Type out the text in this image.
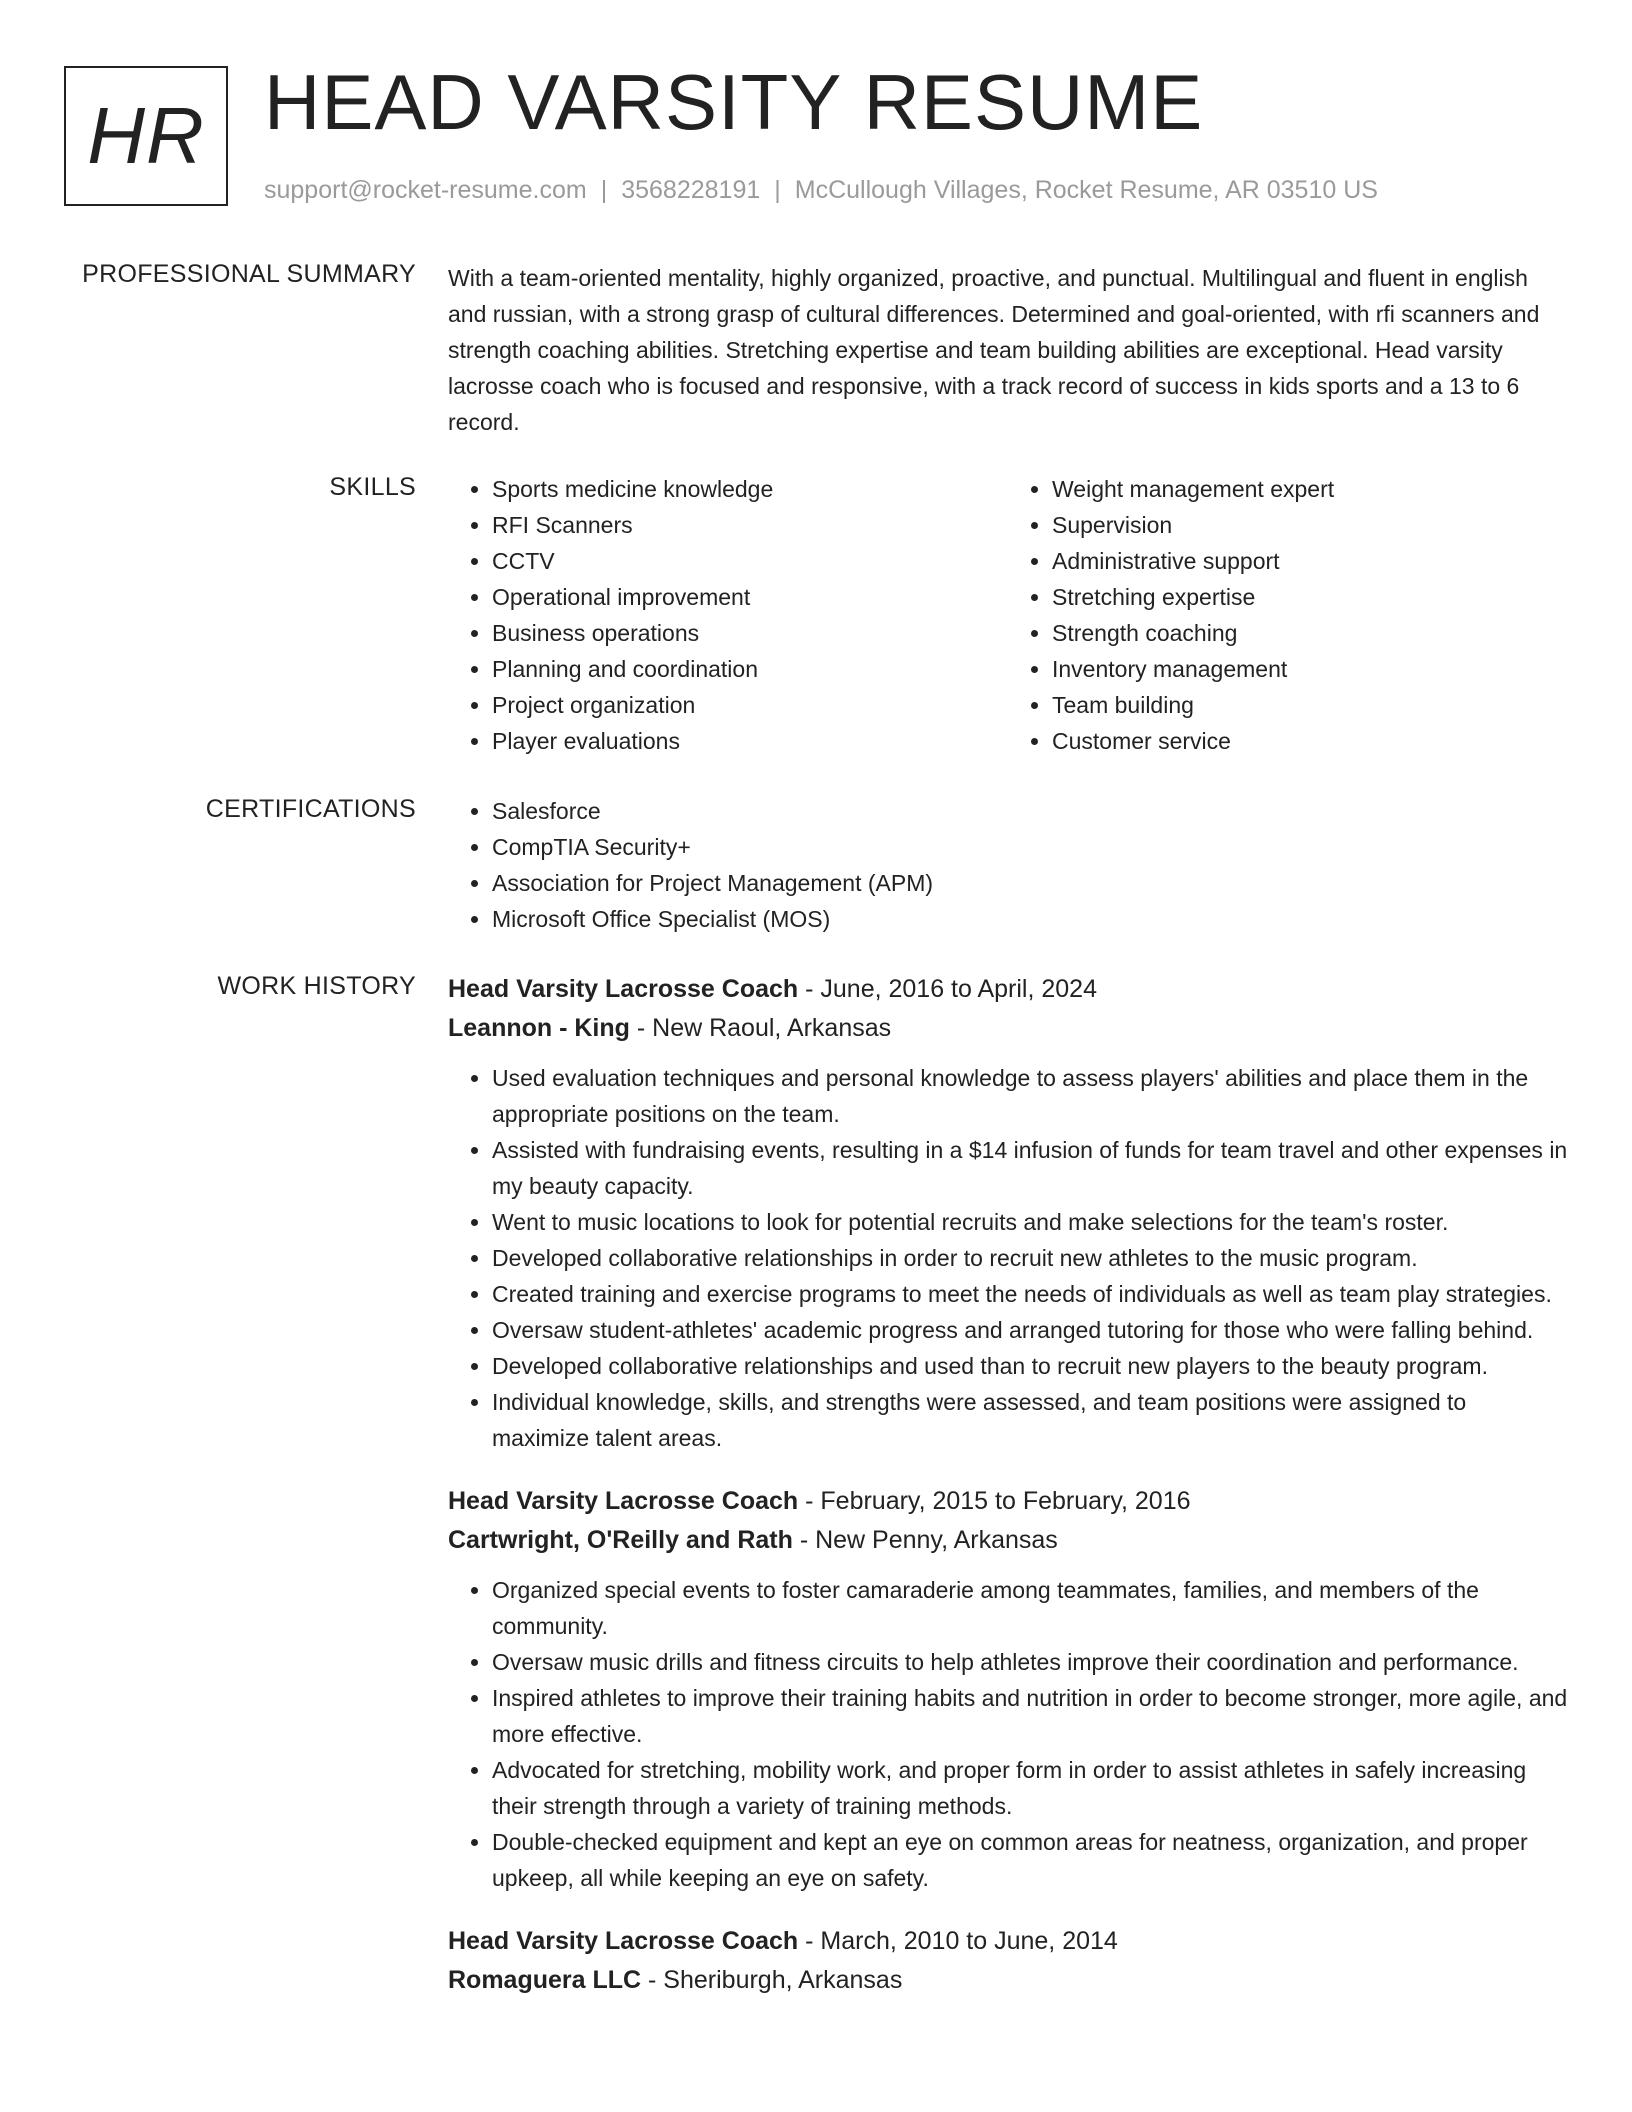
HR HEAD VARSITY RESUME
support@rocket-resume.com | 3568228191 | McCullough Villages, Rocket Resume, AR 03510 US
PROFESSIONAL SUMMARY With a team-oriented mentality, highly organized, proactive, and punctual. Multilingual and fluent in english and russian, with a strong grasp of cultural differences. Determined and goal-oriented, with rfi scanners and strength coaching abilities. Stretching expertise and team building abilities are exceptional. Head varsity lacrosse coach who is focused and responsive, with a track record of success in kids sports and a 13 to 6 record.

SKILLS	• Sports medicine knowledge
• RFI Scanners
• CCTV
• Operational improvement
• Business operations
• Planning and coordination
• Project organization
• Player evaluations
• Weight management expert
• Supervision
• Administrative support
• Stretching expertise
• Strength coaching
• Inventory management
• Team building
• Customer service
CERTIFICATIONS	• Salesforce
• CompTIA Security+
• Association for Project Management (APM)
• Microsoft Office Specialist (MOS)
WORK HISTORY Head Varsity Lacrosse Coach - June, 2016 to April, 2024
Leannon - King - New Raoul, Arkansas
• Used evaluation techniques and personal knowledge to assess players' abilities and place them in the appropriate positions on the team.
• Assisted with fundraising events, resulting in a $14 infusion of funds for team travel and other expenses in my beauty capacity.
• Went to music locations to look for potential recruits and make selections for the team's roster.
• Developed collaborative relationships in order to recruit new athletes to the music program.
• Created training and exercise programs to meet the needs of individuals as well as team play strategies.
• Oversaw student-athletes' academic progress and arranged tutoring for those who were falling behind.
• Developed collaborative relationships and used than to recruit new players to the beauty program.
• Individual knowledge, skills, and strengths were assessed, and team positions were assigned to maximize talent areas.
Head Varsity Lacrosse Coach - February, 2015 to February, 2016
Cartwright, O'Reilly and Rath - New Penny, Arkansas
• Organized special events to foster camaraderie among teammates, families, and members of the community.
• Oversaw music drills and fitness circuits to help athletes improve their coordination and performance.
• Inspired athletes to improve their training habits and nutrition in order to become stronger, more agile, and more effective.
• Advocated for stretching, mobility work, and proper form in order to assist athletes in safely increasing their strength through a variety of training methods.
• Double-checked equipment and kept an eye on common areas for neatness, organization, and proper upkeep, all while keeping an eye on safety.
Head Varsity Lacrosse Coach - March, 2010 to June, 2014
Romaguera LLC - Sheriburgh, Arkansas
